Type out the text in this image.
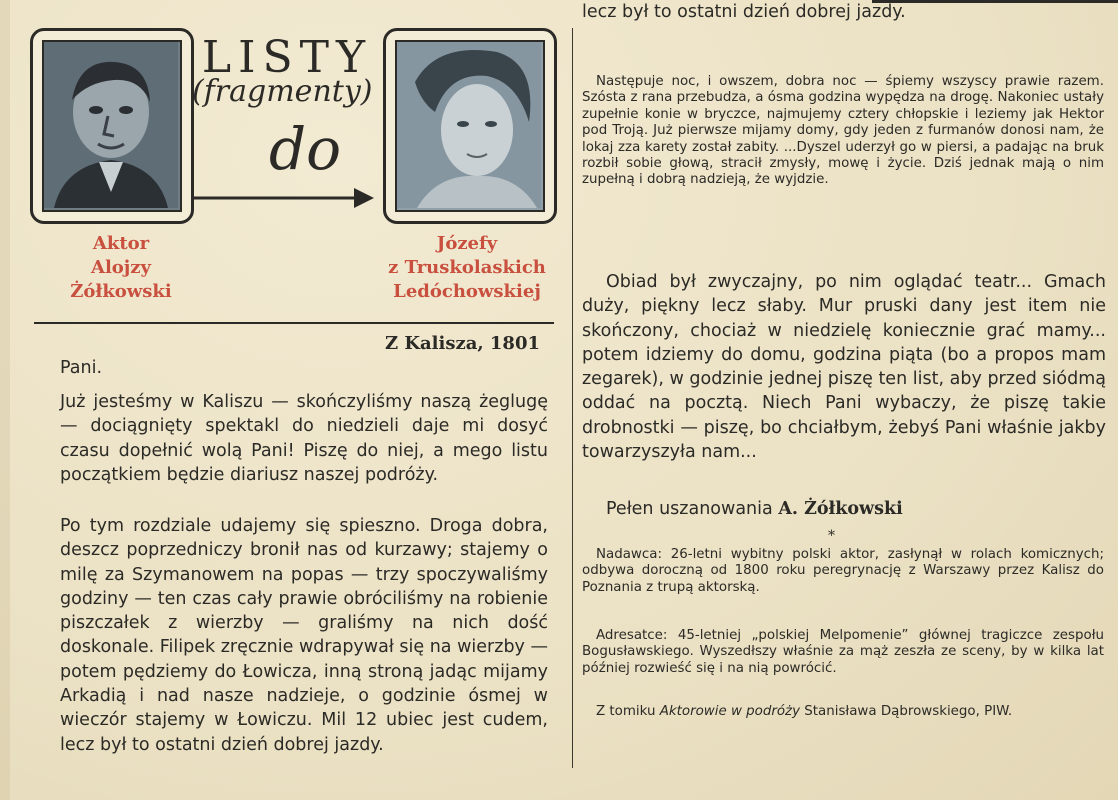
LISTY
(fragmenty)
do
Aktor
Alojzy
Żółkowski
Józefy
z Truskolaskich
Ledóchowskiej
Z Kalisza, 1801
Pani.

Już jesteśmy w Kaliszu — skończyliśmy naszą żeglugę — dociągnięty spektakl do niedzieli daje mi dosyć czasu dopełnić wolą Pani! Piszę do niej, a mego listu początkiem będzie diariusz naszej podróży.

Po tym rozdziale udajemy się spieszno. Droga dobra, deszcz poprzedniczy bronił nas od kurzawy; stajemy o milę za Szymanowem na popas — trzy spoczywaliśmy godziny — ten czas cały prawie obróciliśmy na robienie piszczałek z wierzby — graliśmy na nich dość doskonale. Filipek zręcznie wdrapywał się na wierzby — potem pędziemy do Łowicza, inną stroną jadąc mijamy Arkadią i nad nasze nadzieje, o godzinie ósmej w wieczór stajemy w Łowiczu. Mil 12 ubiec jest cudem, lecz był to ostatni dzień dobrej jazdy.

lecz był to ostatni dzień dobrej jazdy.

Następuje noc, i owszem, dobra noc — śpiemy wszyscy prawie razem. Szósta z rana przebudza, a ósma godzina wypędza na drogę. Nakoniec ustały zupełnie konie w bryczce, najmujemy cztery chłopskie i leziemy jak Hektor pod Troją. Już pierwsze mijamy domy, gdy jeden z furmanów donosi nam, że lokaj zza karety został zabity. ...Dyszel uderzył go w piersi, a padając na bruk rozbił sobie głową, stracił zmysły, mowę i życie. Dziś jednak mają o nim zupełną i dobrą nadzieją, że wyjdzie.

Obiad był zwyczajny, po nim oglądać teatr... Gmach duży, piękny lecz słaby. Mur pruski dany jest item nie skończony, chociaż w niedzielę koniecznie grać mamy... potem idziemy do domu, godzina piąta (bo a propos mam zegarek), w godzinie jednej piszę ten list, aby przed siódmą oddać na pocztą. Niech Pani wybaczy, że piszę takie drobnostki — piszę, bo chciałbym, żebyś Pani właśnie jakby towarzyszyła nam...

Pełen uszanowania A. Żółkowski
*

Nadawca: 26-letni wybitny polski aktor, zasłynął w rolach komicznych; odbywa doroczną od 1800 roku peregrynację z Warszawy przez Kalisz do Poznania z trupą aktorską.

Adresatce: 45-letniej „polskiej Melpomenie” głównej tragiczce zespołu Bogusławskiego. Wyszedłszy właśnie za mąż zeszła ze sceny, by w kilka lat później rozwieść się i na nią powrócić.

Z tomiku Aktorowie w podróży Stanisława Dąbrowskiego, PIW.
